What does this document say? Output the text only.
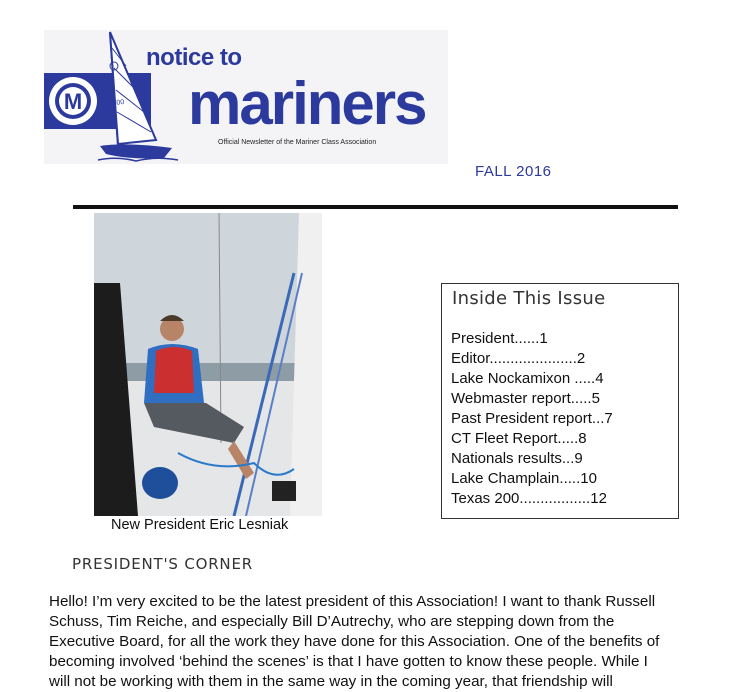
M	1000
notice to
mariners
Official Newsletter of the Mariner Class Association
FALL 2016
New President Eric Lesniak
Inside This Issue
President......1
Editor.....................2
Lake Nockamixon .....4
Webmaster report.....5
Past President report...7
CT Fleet Report.....8
Nationals results...9
Lake Champlain.....10
Texas 200.................12
PRESIDENT'S CORNER

Hello! I’m very excited to be the latest president of this Association! I want to thank Russell

Schuss, Tim Reiche, and especially Bill D’Autrechy, who are stepping down from the

Executive Board, for all the work they have done for this Association. One of the benefits of

becoming involved ‘behind the scenes’ is that I have gotten to know these people. While I

will not be working with them in the same way in the coming year, that friendship will
